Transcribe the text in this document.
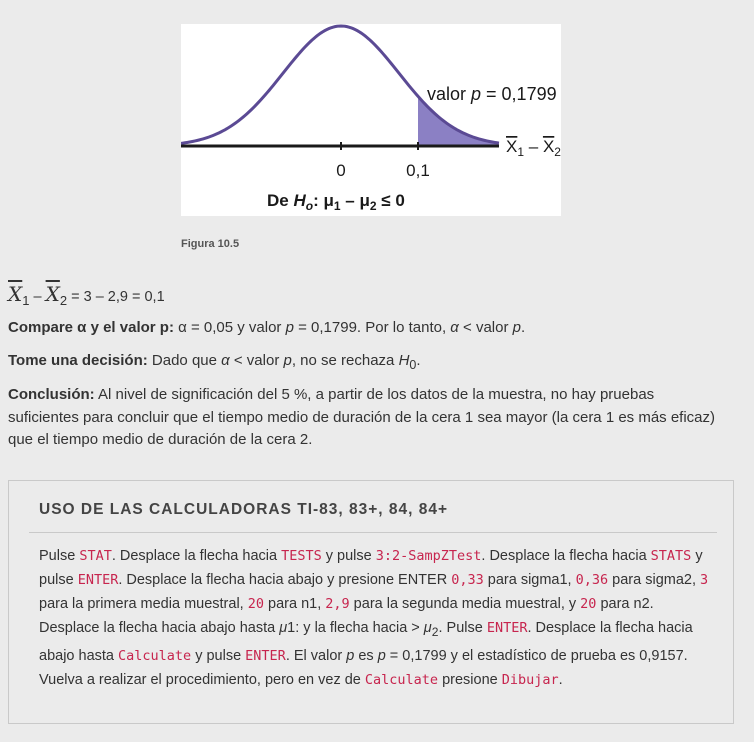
0	0,1
valor p = 0,1799
$X_1 - X_2$
De $H_o$: $\mu_1 - \mu_2 \le 0$
Figura 10.5
$\overline{X}_1 - \overline{X}_2 = 3 - 2,9 = 0,1$

Compare α y el valor p: α = 0,05 y valor p = 0,1799. Por lo tanto, α < valor p.

Tome una decisión: Dado que α < valor p, no se rechaza $H_0$.

Conclusión: Al nivel de significación del 5 %, a partir de los datos de la muestra, no hay pruebas suficientes para concluir que el tiempo medio de duración de la cera 1 sea mayor (la cera 1 es más eficaz) que el tiempo medio de duración de la cera 2.

USO DE LAS CALCULADORAS TI-83, 83+, 84, 84+

Pulse STAT. Desplace la flecha hacia TESTS y pulse 3:2-SampZTest. Desplace la flecha hacia STATS y pulse ENTER. Desplace la flecha hacia abajo y presione ENTER 0,33 para sigma1, 0,36 para sigma2, 3 para la primera media muestral, 20 para n1, 2,9 para la segunda media muestral, y 20 para n2. Desplace la flecha hacia abajo hasta μ1: y la flecha hacia > $\mu_2$. Pulse ENTER. Desplace la flecha hacia abajo hasta Calculate y pulse ENTER. El valor p es p = 0,1799 y el estadístico de prueba es 0,9157. Vuelva a realizar el procedimiento, pero en vez de Calculate presione Dibujar.
